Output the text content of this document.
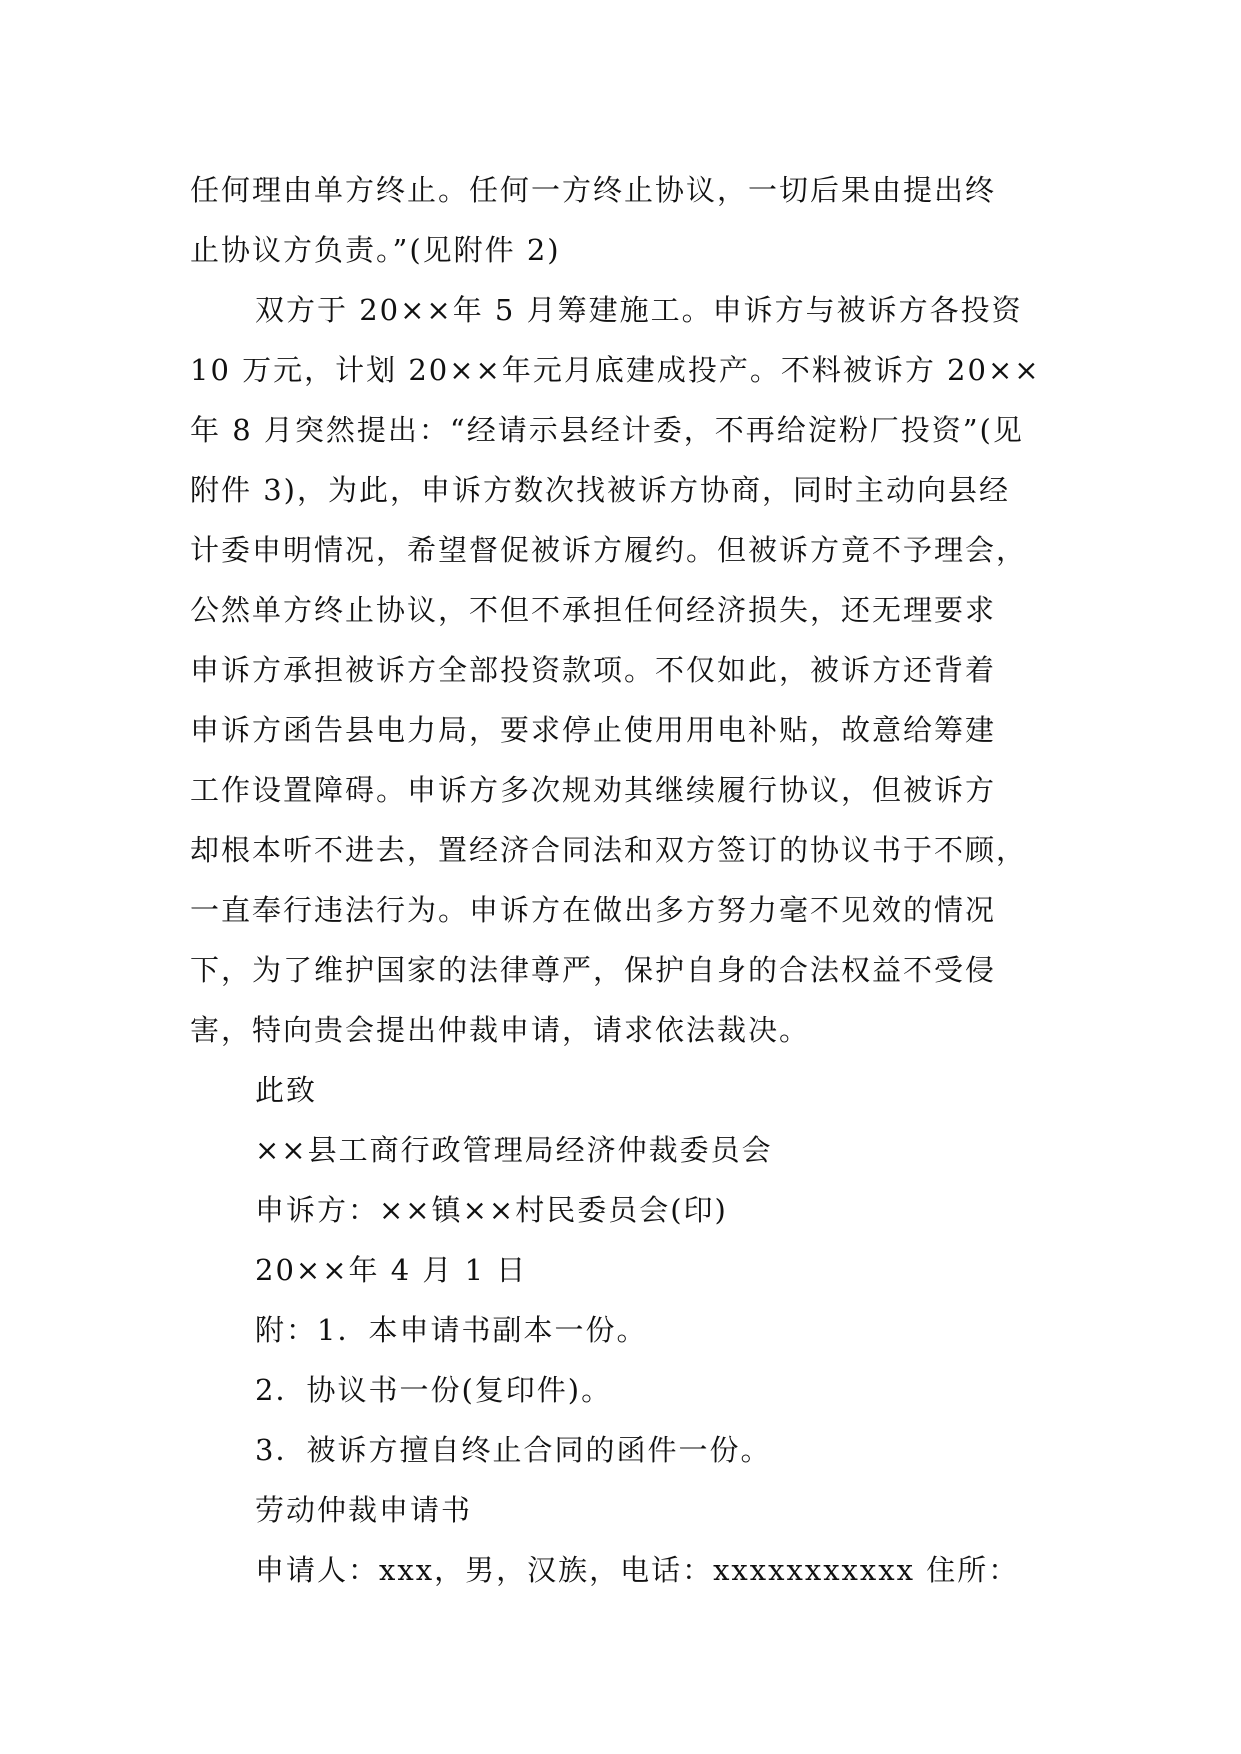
任何理由单方终止。任何一方终止协议，一切后果由提出终
止协议方负责。”(见附件 2)
双方于 20××年 5 月筹建施工。申诉方与被诉方各投资
10 万元，计划 20××年元月底建成投产。不料被诉方 20××
年 8 月突然提出：“经请示县经计委，不再给淀粉厂投资”(见
附件 3)，为此，申诉方数次找被诉方协商，同时主动向县经
计委申明情况，希望督促被诉方履约。但被诉方竟不予理会，
公然单方终止协议，不但不承担任何经济损失，还无理要求
申诉方承担被诉方全部投资款项。不仅如此，被诉方还背着
申诉方函告县电力局，要求停止使用用电补贴，故意给筹建
工作设置障碍。申诉方多次规劝其继续履行协议，但被诉方
却根本听不进去，置经济合同法和双方签订的协议书于不顾，
一直奉行违法行为。申诉方在做出多方努力毫不见效的情况
下，为了维护国家的法律尊严，保护自身的合法权益不受侵
害，特向贵会提出仲裁申请，请求依法裁决。
此致
××县工商行政管理局经济仲裁委员会
申诉方：××镇××村民委员会(印)
20××年 4 月 1 日
附：1．本申请书副本一份。
2．协议书一份(复印件)。
3．被诉方擅自终止合同的函件一份。
劳动仲裁申请书
申请人：xxx，男，汉族，电话：xxxxxxxxxxx 住所：
